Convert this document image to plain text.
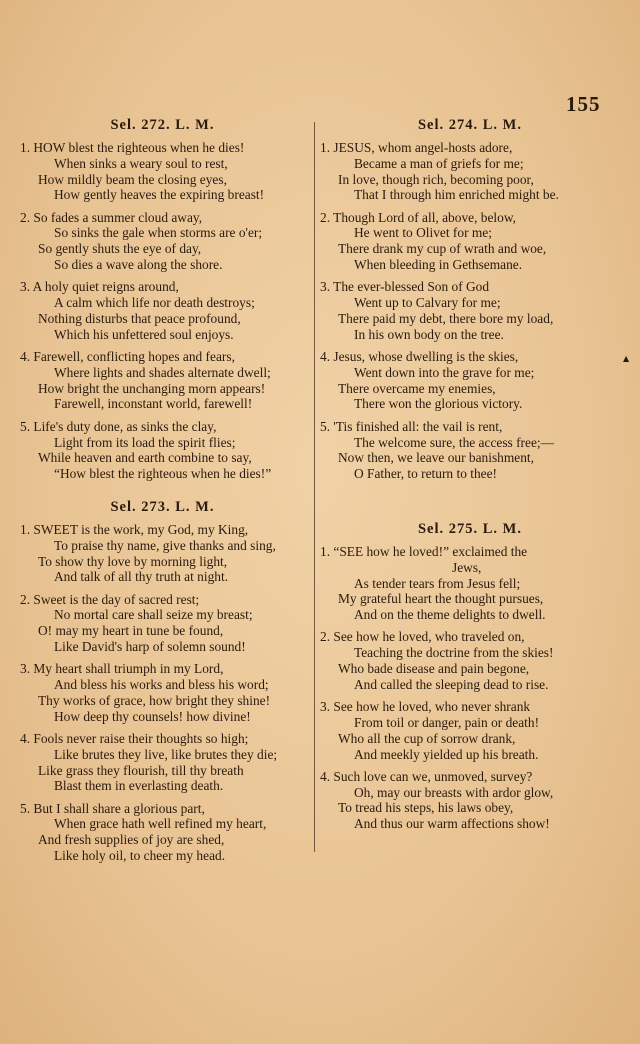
155
Sel. 272. L. M.
1. HOW blest the righteous when he dies!
When sinks a weary soul to rest,
How mildly beam the closing eyes,
How gently heaves the expiring breast!
2. So fades a summer cloud away,
So sinks the gale when storms are o'er;
So gently shuts the eye of day,
So dies a wave along the shore.
3. A holy quiet reigns around,
A calm which life nor death destroys;
Nothing disturbs that peace profound,
Which his unfettered soul enjoys.
4. Farewell, conflicting hopes and fears,
Where lights and shades alternate dwell;
How bright the unchanging morn appears!
Farewell, inconstant world, farewell!
5. Life's duty done, as sinks the clay,
Light from its load the spirit flies;
While heaven and earth combine to say,
“How blest the righteous when he dies!”
Sel. 273. L. M.
1. SWEET is the work, my God, my King,
To praise thy name, give thanks and sing,
To show thy love by morning light,
And talk of all thy truth at night.
2. Sweet is the day of sacred rest;
No mortal care shall seize my breast;
O! may my heart in tune be found,
Like David's harp of solemn sound!
3. My heart shall triumph in my Lord,
And bless his works and bless his word;
Thy works of grace, how bright they shine!
How deep thy counsels! how divine!
4. Fools never raise their thoughts so high;
Like brutes they live, like brutes they die;
Like grass they flourish, till thy breath
Blast them in everlasting death.
5. But I shall share a glorious part,
When grace hath well refined my heart,
And fresh supplies of joy are shed,
Like holy oil, to cheer my head.
Sel. 274. L. M.
1. JESUS, whom angel-hosts adore,
Became a man of griefs for me;
In love, though rich, becoming poor,
That I through him enriched might be.
2. Though Lord of all, above, below,
He went to Olivet for me;
There drank my cup of wrath and woe,
When bleeding in Gethsemane.
3. The ever-blessed Son of God
Went up to Calvary for me;
There paid my debt, there bore my load,
In his own body on the tree.
4. Jesus, whose dwelling is the skies,
Went down into the grave for me;
There overcame my enemies,
There won the glorious victory.
5. 'Tis finished all: the vail is rent,
The welcome sure, the access free;—
Now then, we leave our banishment,
O Father, to return to thee!
Sel. 275. L. M.
1. “SEE how he loved!” exclaimed the
Jews,
As tender tears from Jesus fell;
My grateful heart the thought pursues,
And on the theme delights to dwell.
2. See how he loved, who traveled on,
Teaching the doctrine from the skies!
Who bade disease and pain begone,
And called the sleeping dead to rise.
3. See how he loved, who never shrank
From toil or danger, pain or death!
Who all the cup of sorrow drank,
And meekly yielded up his breath.
4. Such love can we, unmoved, survey?
Oh, may our breasts with ardor glow,
To tread his steps, his laws obey,
And thus our warm affections show!
▲
